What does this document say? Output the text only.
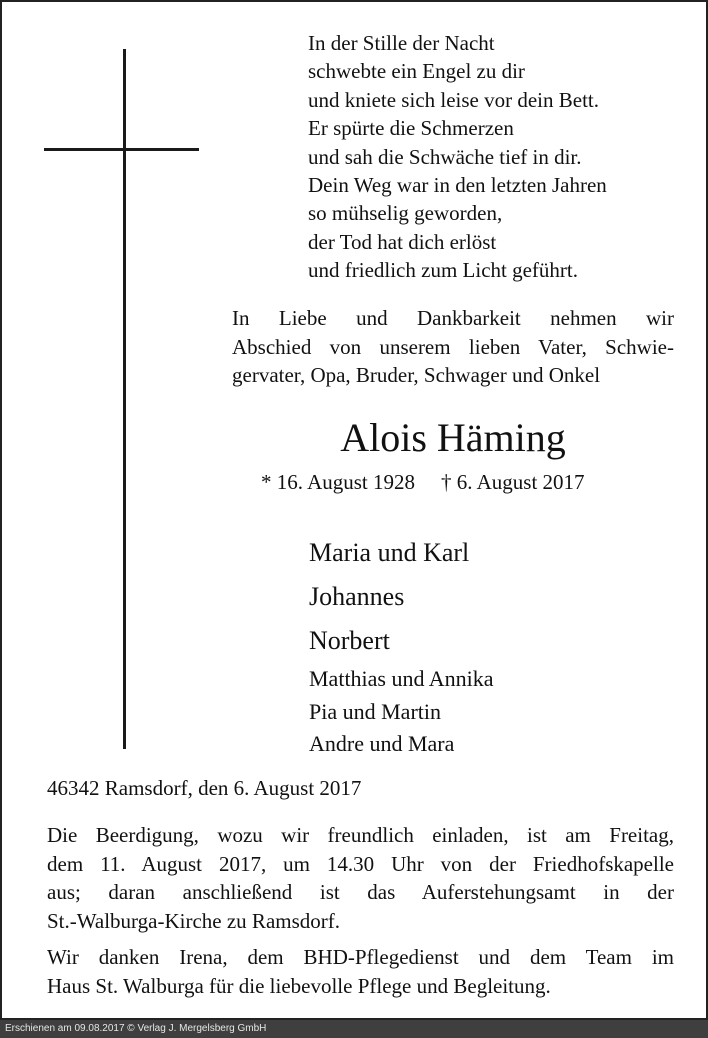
In der Stille der Nacht
schwebte ein Engel zu dir
und kniete sich leise vor dein Bett.
Er spürte die Schmerzen
und sah die Schwäche tief in dir.
Dein Weg war in den letzten Jahren
so mühselig geworden,
der Tod hat dich erlöst
und friedlich zum Licht geführt.
In Liebe und Dankbarkeit nehmen wir
Abschied von unserem lieben Vater, Schwie-
gervater, Opa, Bruder, Schwager und Onkel
Alois Häming
* 16. August 1928 † 6. August 2017
Maria und Karl
Johannes
Norbert
Matthias und Annika
Pia und Martin
Andre und Mara
46342 Ramsdorf, den 6. August 2017
Die Beerdigung, wozu wir freundlich einladen, ist am Freitag,
dem 11. August 2017, um 14.30 Uhr von der Friedhofskapelle
aus; daran anschließend ist das Auferstehungsamt in der
St.-Walburga-Kirche zu Ramsdorf.
Wir danken Irena, dem BHD-Pflegedienst und dem Team im
Haus St. Walburga für die liebevolle Pflege und Begleitung.
Erschienen am 09.08.2017 © Verlag J. Mergelsberg GmbH
